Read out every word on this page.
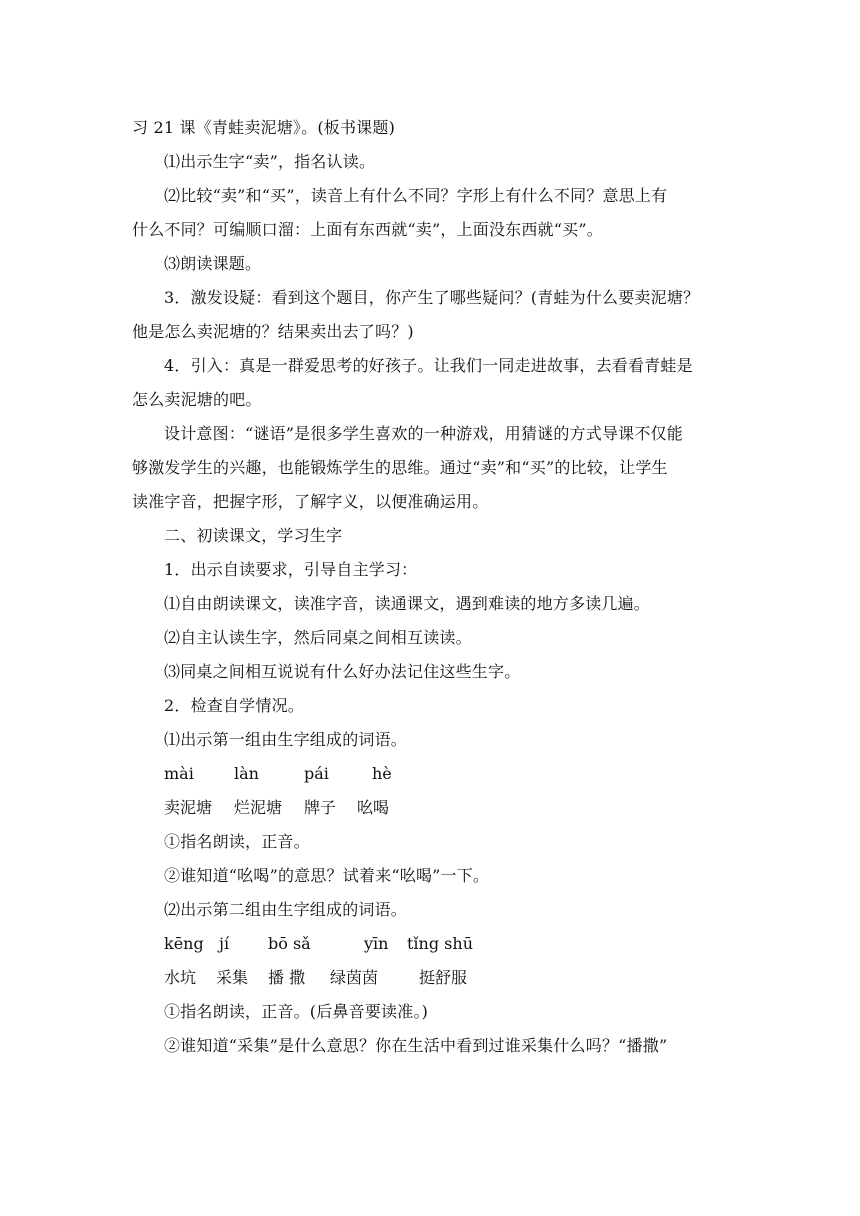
习 21 课《青蛙卖泥塘》。(板书课题)
⑴出示生字“卖”，指名认读。
⑵比较“卖”和“买”，读音上有什么不同？字形上有什么不同？意思上有
什么不同？可编顺口溜：上面有东西就“卖”，上面没东西就“买”。
⑶朗读课题。
3．激发设疑：看到这个题目，你产生了哪些疑问？(青蛙为什么要卖泥塘？
他是怎么卖泥塘的？结果卖出去了吗？)
4．引入：真是一群爱思考的好孩子。让我们一同走进故事，去看看青蛙是
怎么卖泥塘的吧。
设计意图：“谜语”是很多学生喜欢的一种游戏，用猜谜的方式导课不仅能
够激发学生的兴趣，也能锻炼学生的思维。通过“卖”和“买”的比较，让学生
读准字音，把握字形，了解字义，以便准确运用。
二、初读课文，学习生字
1．出示自读要求，引导自主学习：
⑴自由朗读课文，读准字音，读通课文，遇到难读的地方多读几遍。
⑵自主认读生字，然后同桌之间相互读读。
⑶同桌之间相互说说有什么好办法记住这些生字。
2．检查自学情况。
⑴出示第一组由生字组成的词语。
mài	làn	pái	hè
卖泥塘 烂泥塘 牌子 吆喝
①指名朗读，正音。
②谁知道“吆喝”的意思？试着来“吆喝”一下。
⑵出示第二组由生字组成的词语。
kēng jí bō sǎ	yīn tǐng shū
水坑 采集 播 撒 绿茵茵	挺舒服
①指名朗读，正音。(后鼻音要读准。)
②谁知道“采集”是什么意思？你在生活中看到过谁采集什么吗？“播撒”
